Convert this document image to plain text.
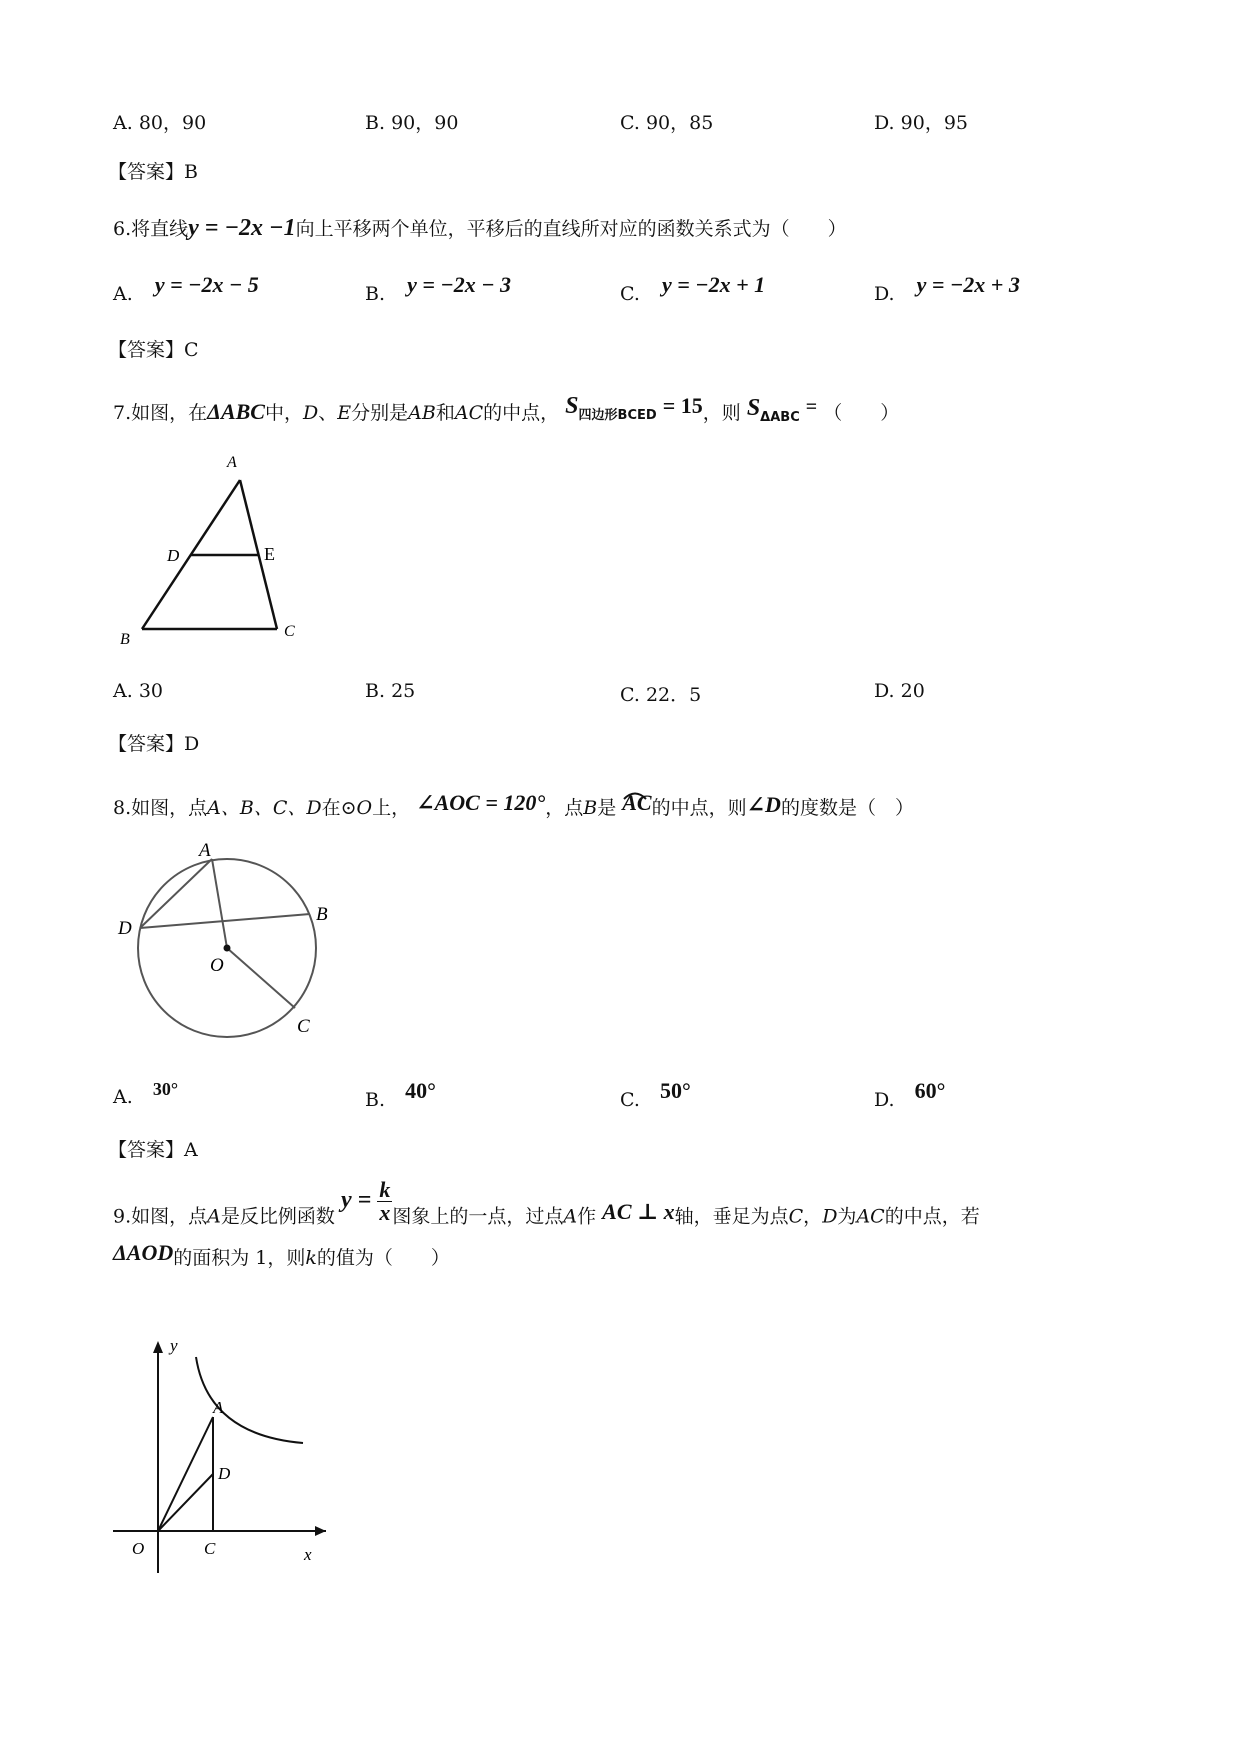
A. 80，90	B. 90，90	C. 90，85	D. 90，95
【答案】B
6.将直线y = −2x −1向上平移两个单位，平移后的直线所对应的函数关系式为（　　）
A. y = −2x − 5	B. y = −2x − 3	C. y = −2x + 1	D. y = −2x + 3
【答案】C
7.如图，在ΔABC中，D、E分别是AB和AC的中点， S四边形BCED = 15，则 SΔABC = （　　）
A
D	E
B	C
A. 30	B. 25	C. 22．5	D. 20
【答案】D
8.如图，点A、B、C、D在⊙O上， ∠AOC = 120°，点B是 AC
的中点，则∠D的度数是（　）
A
D
B
O
C
A. 30°	B. 40°	C. 50°	D. 60°
【答案】A
9.如图，点A是反比例函数 $y = \frac{k}{x}$ 图象上的一点，过点A作 AC ⊥ x轴，垂足为点C，D为AC的中点，若
ΔAOD的面积为 1，则k的值为（　　）
y
A
D
O	C	x
